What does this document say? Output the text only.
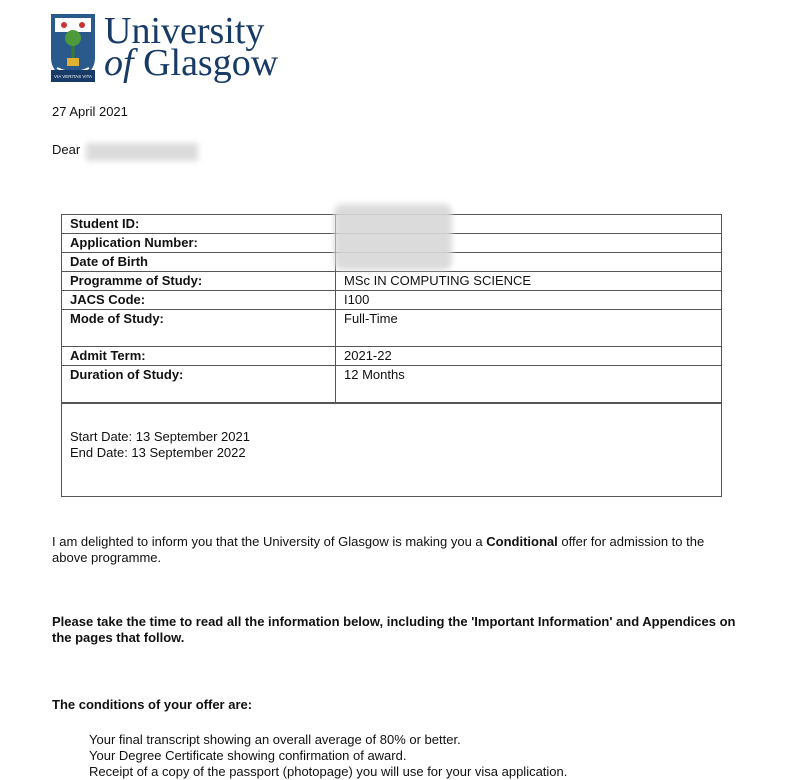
VIA VERITAS VITA
University
of Glasgow
27 April 2021
Dear
Student ID:	
Application Number:	
Date of Birth	
Programme of Study:	MSc IN COMPUTING SCIENCE
JACS Code:	I100
Mode of Study:	Full-Time
Admit Term:	2021-22
Duration of Study:	12 Months
Start Date: 13 September 2021
End Date: 13 September 2022
I am delighted to inform you that the University of Glasgow is making you a Conditional offer for admission to the above programme.
Please take the time to read all the information below, including the 'Important Information' and Appendices on the pages that follow.
The conditions of your offer are:
Your final transcript showing an overall average of 80% or better.
Your Degree Certificate showing confirmation of award.
Receipt of a copy of the passport (photopage) you will use for your visa application.
